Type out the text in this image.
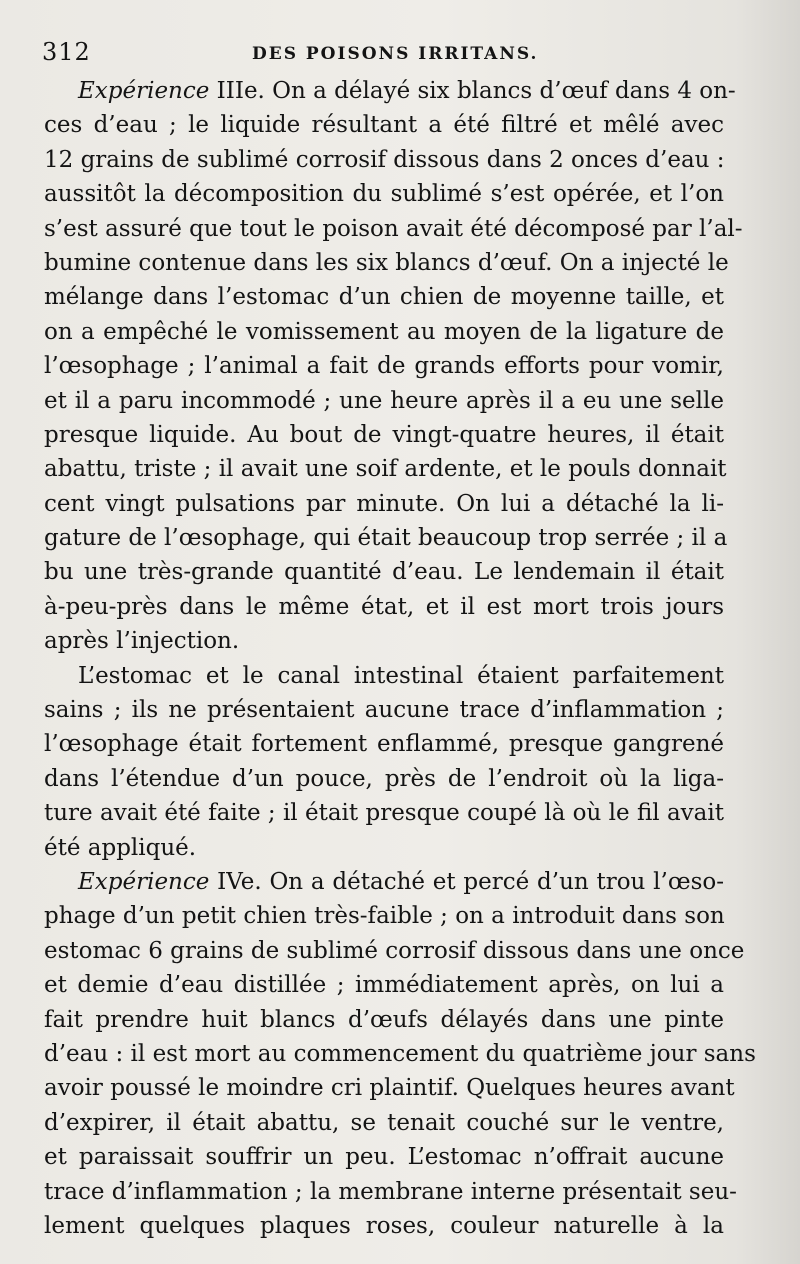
312	DES POISONS IRRITANS.
Expérience IIIe. On a délayé six blancs d’œuf dans 4 on-
ces d’eau ; le liquide résultant a été filtré et mêlé avec
12 grains de sublimé corrosif dissous dans 2 onces d’eau :
aussitôt la décomposition du sublimé s’est opérée, et l’on
s’est assuré que tout le poison avait été décomposé par l’al-
bumine contenue dans les six blancs d’œuf. On a injecté le
mélange dans l’estomac d’un chien de moyenne taille, et
on a empêché le vomissement au moyen de la ligature de
l’œsophage ; l’animal a fait de grands efforts pour vomir,
et il a paru incommodé ; une heure après il a eu une selle
presque liquide. Au bout de vingt-quatre heures, il était
abattu, triste ; il avait une soif ardente, et le pouls donnait
cent vingt pulsations par minute. On lui a détaché la li-
gature de l’œsophage, qui était beaucoup trop serrée ; il a
bu une très-grande quantité d’eau. Le lendemain il était
à-peu-près dans le même état, et il est mort trois jours
après l’injection.
L’estomac et le canal intestinal étaient parfaitement
sains ; ils ne présentaient aucune trace d’inflammation ;
l’œsophage était fortement enflammé, presque gangrené
dans l’étendue d’un pouce, près de l’endroit où la liga-
ture avait été faite ; il était presque coupé là où le fil avait
été appliqué.
Expérience IVe. On a détaché et percé d’un trou l’œso-
phage d’un petit chien très-faible ; on a introduit dans son
estomac 6 grains de sublimé corrosif dissous dans une once
et demie d’eau distillée ; immédiatement après, on lui a
fait prendre huit blancs d’œufs délayés dans une pinte
d’eau : il est mort au commencement du quatrième jour sans
avoir poussé le moindre cri plaintif. Quelques heures avant
d’expirer, il était abattu, se tenait couché sur le ventre,
et paraissait souffrir un peu. L’estomac n’offrait aucune
trace d’inflammation ; la membrane interne présentait seu-
lement quelques plaques roses, couleur naturelle à la
